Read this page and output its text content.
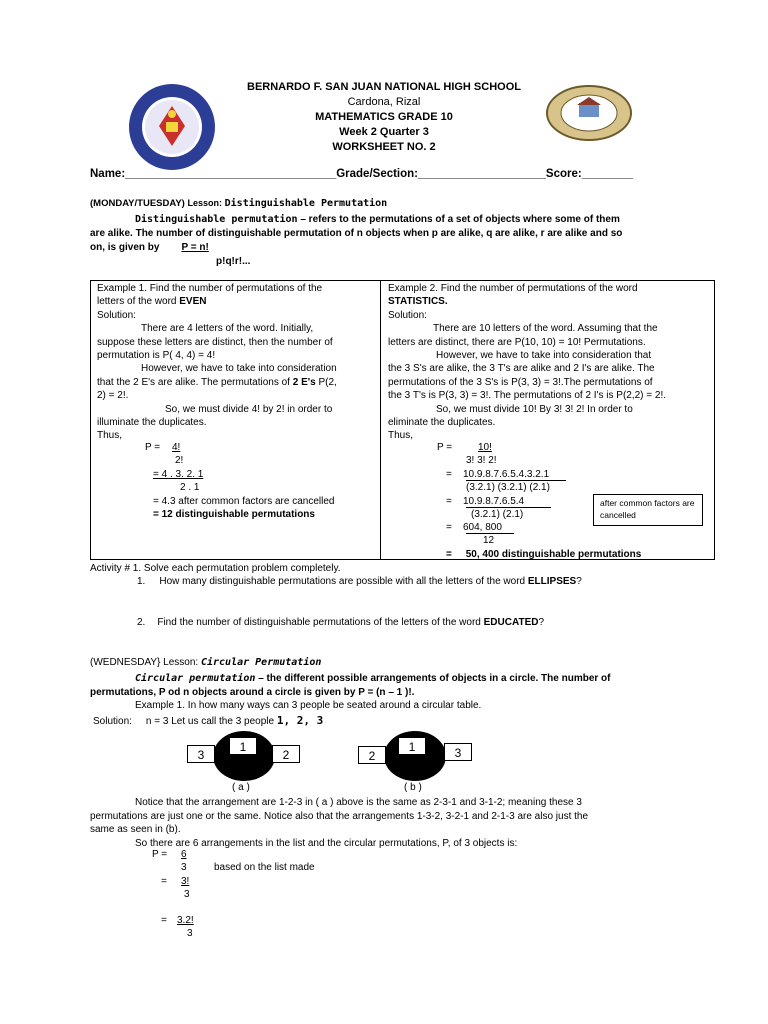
BERNARDO F. SAN JUAN NATIONAL HIGH SCHOOL
Cardona, Rizal
MATHEMATICS GRADE 10
Week 2 Quarter 3
WORKSHEET NO. 2
Name:_________________________________Grade/Section:____________________Score:________
(MONDAY/TUESDAY) Lesson: Distinguishable Permutation
Distinguishable permutation – refers to the permutations of a set of objects where some of them
are alike. The number of distinguishable permutation of n objects when p are alike, q are alike, r are alike and so
on, is given by P = n!
p!q!r!...
Example 1. Find the number of permutations of the
letters of the word EVEN
Solution:
There are 4 letters of the word. Initially,
suppose these letters are distinct, then the number of
permutation is P( 4, 4) = 4!
However, we have to take into consideration
that the 2 E's are alike. The permutations of 2 E's P(2,
2) = 2!.
So, we must divide 4! by 2! in order to
illuminate the duplicates.
Thus,
P = 4!
2!
= 4 . 3. 2. 1
2 . 1
= 4.3 after common factors are cancelled
= 12 distinguishable permutations
Example 2. Find the number of permutations of the word
STATISTICS.
Solution:
There are 10 letters of the word. Assuming that the
letters are distinct, there are P(10, 10) = 10! Permutations.
However, we have to take into consideration that
the 3 S's are alike, the 3 T's are alike and 2 I's are alike. The
permutations of the 3 S's is P(3, 3) = 3!.The permutations of
the 3 T's is P(3, 3) = 3!. The permutations of 2 I's is P(2,2) = 2!.
So, we must divide 10! By 3! 3! 2! In order to
eliminate the duplicates.
Thus,
P =	10!
3! 3! 2!
=    10.9.8.7.6.5.4.3.2.1
(3.2.1) (3.2.1) (2.1)
=    10.9.8.7.6.5.4
(3.2.1) (2.1)
=    604, 800
12
=     50, 400 distinguishable permutations
after common factors are cancelled
Activity # 1. Solve each permutation problem completely.
1. How many distinguishable permutations are possible with all the letters of the word ELLIPSES?
2. Find the number of distinguishable permutations of the letters of the word EDUCATED?
(WEDNESDAY} Lesson: Circular Permutation
Circular permutation – the different possible arrangements of objects in a circle. The number of
permutations, P od n objects around a circle is given by P = (n – 1 )!.
Example 1. In how many ways can 3 people be seated around a circular table.
Solution: n = 3 Let us call the 3 people 1, 2, 3
3
1
2
( a )
2
1	3
( b )
Notice that the arrangement are 1-2-3 in ( a ) above is the same as 2-3-1 and 3-1-2; meaning these 3
permutations are just one or the same. Notice also that the arrangements 1-3-2, 3-2-1 and 2-1-3 are also just the
same as seen in (b).
So there are 6 arrangements in the list and the circular permutations, P, of 3 objects is:
P =	6
3	based on the list made
= 3!
3
= 3.2!
3
